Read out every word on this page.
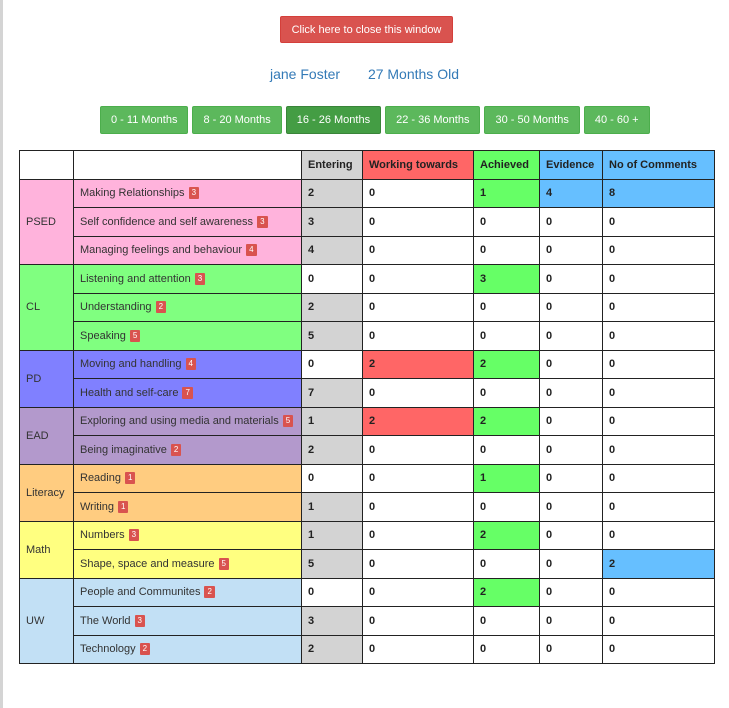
Click here to close this window
jane Foster 27 Months Old
0 - 11 Months	8 - 20 Months	16 - 26 Months	22 - 36 Months	30 - 50 Months	40 - 60 +
		Entering	Working towards	Achieved	Evidence	No of Comments
PSED	Making Relationships 3	2	0	1	4	8
	Self confidence and self awareness 3	3	0	0	0	0
	Managing feelings and behaviour 4	4	0	0	0	0
CL	Listening and attention 3	0	0	3	0	0
	Understanding 2	2	0	0	0	0
	Speaking 5	5	0	0	0	0
PD	Moving and handling 4	0	2	2	0	0
	Health and self-care 7	7	0	0	0	0
EAD	Exploring and using media and materials 5	1	2	2	0	0
	Being imaginative 2	2	0	0	0	0
Literacy	Reading 1	0	0	1	0	0
	Writing 1	1	0	0	0	0
Math	Numbers 3	1	0	2	0	0
	Shape, space and measure 5	5	0	0	0	2
UW	People and Communites 2	0	0	2	0	0
	The World 3	3	0	0	0	0
	Technology 2	2	0	0	0	0
